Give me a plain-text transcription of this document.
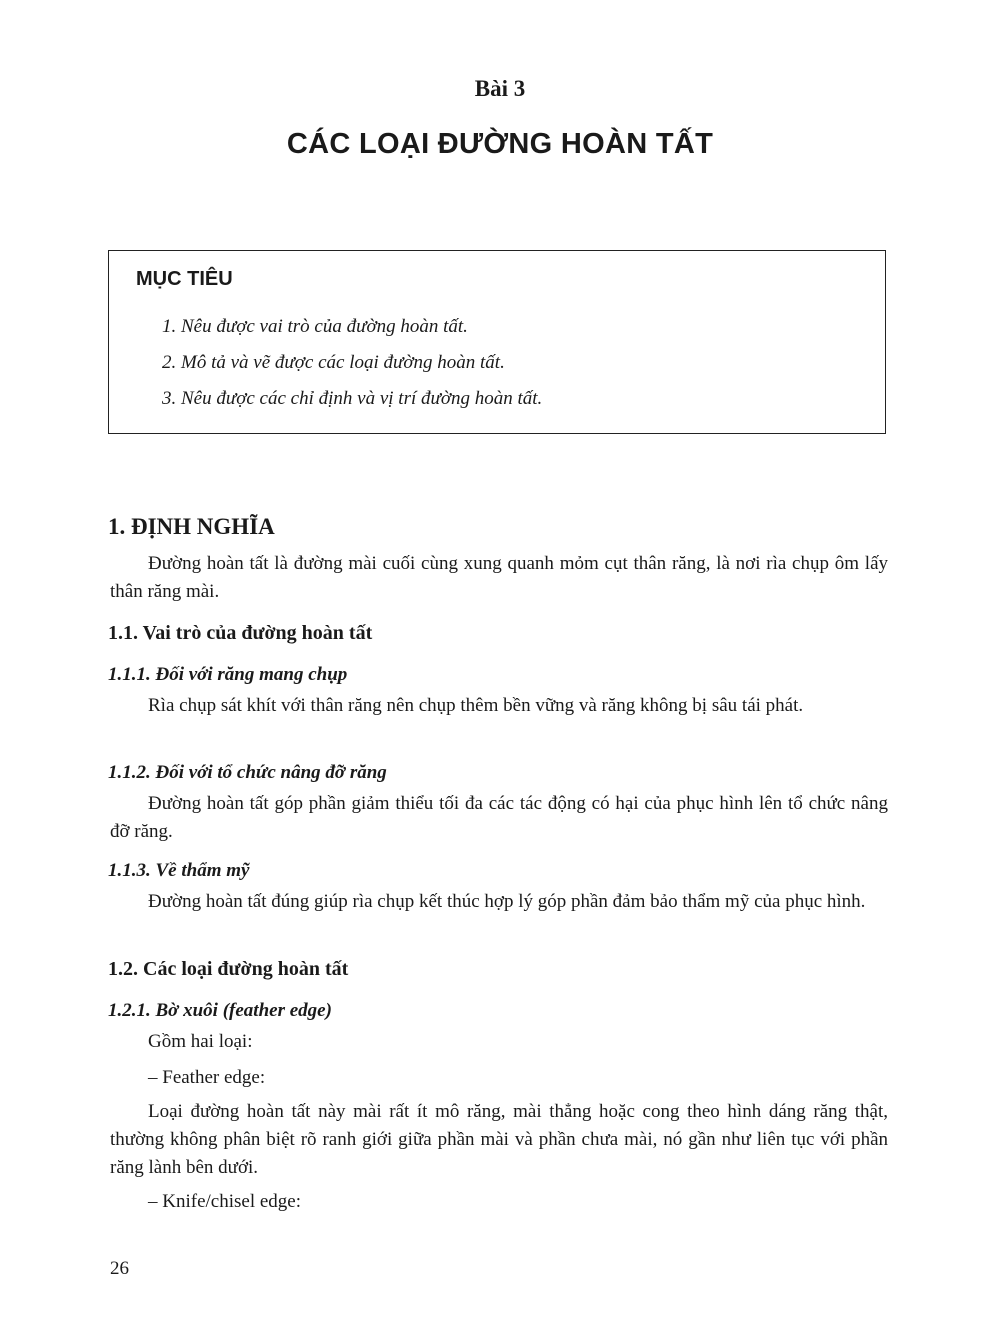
Bài 3
CÁC LOẠI ĐƯỜNG HOÀN TẤT
MỤC TIÊU
1. Nêu được vai trò của đường hoàn tất.
2. Mô tả và vẽ được các loại đường hoàn tất.
3. Nêu được các chỉ định và vị trí đường hoàn tất.
1. ĐỊNH NGHĨA
Đường hoàn tất là đường mài cuối cùng xung quanh mỏm cụt thân răng, là nơi rìa chụp ôm lấy thân răng mài.
1.1. Vai trò của đường hoàn tất
1.1.1. Đối với răng mang chụp
Rìa chụp sát khít với thân răng nên chụp thêm bền vững và răng không bị sâu tái phát.
1.1.2. Đối với tổ chức nâng đỡ răng
Đường hoàn tất góp phần giảm thiểu tối đa các tác động có hại của phục hình lên tổ chức nâng đỡ răng.
1.1.3. Về thẩm mỹ
Đường hoàn tất đúng giúp rìa chụp kết thúc hợp lý góp phần đảm bảo thẩm mỹ của phục hình.
1.2. Các loại đường hoàn tất
1.2.1. Bờ xuôi (feather edge)
Gồm hai loại:
– Feather edge:
Loại đường hoàn tất này mài rất ít mô răng, mài thẳng hoặc cong theo hình dáng răng thật, thường không phân biệt rõ ranh giới giữa phần mài và phần chưa mài, nó gần như liên tục với phần răng lành bên dưới.
– Knife/chisel edge:
26
